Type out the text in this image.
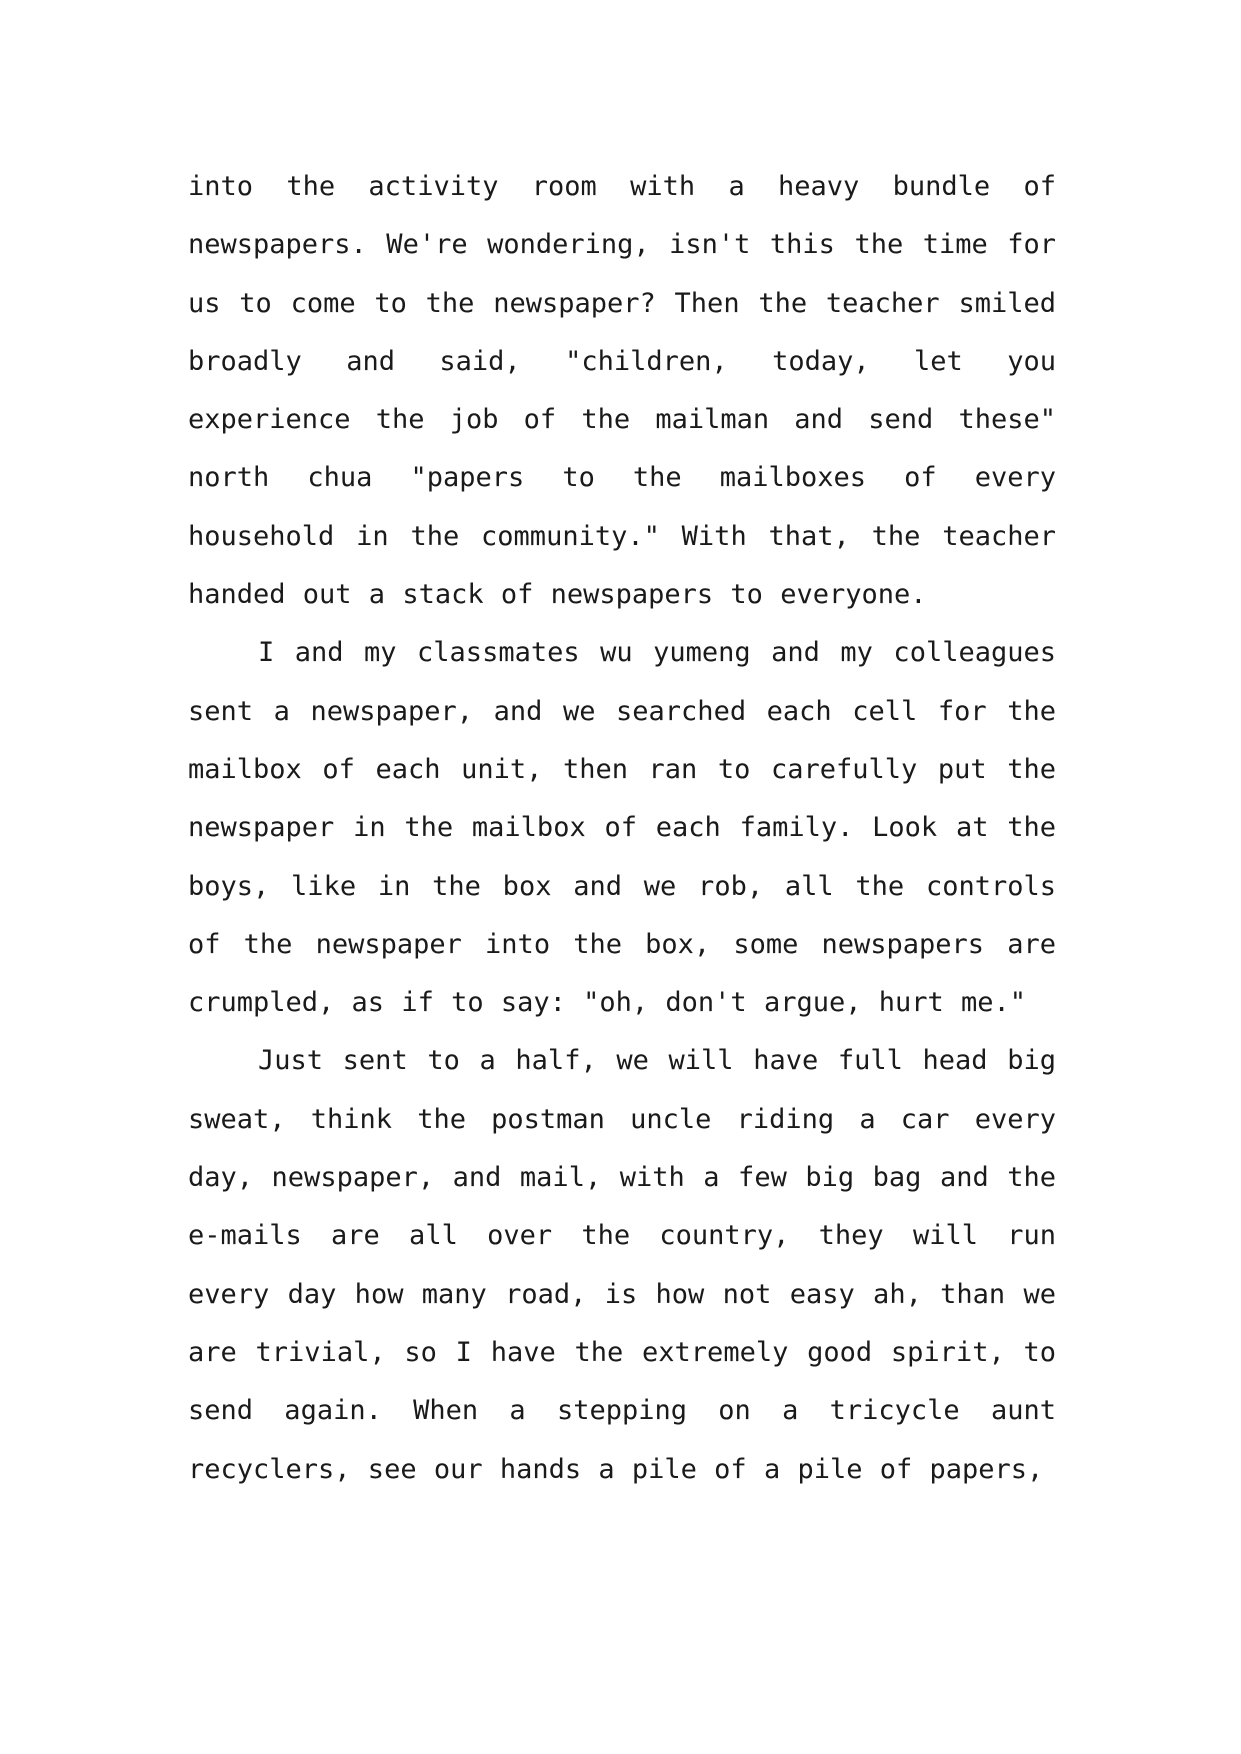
into the activity room with a heavy bundle of newspapers. We're wondering, isn't this the time for us to come to the newspaper? Then the teacher smiled broadly and said, "children, today, let you experience the job of the mailman and send these" north chua "papers to the mailboxes of every household in the community." With that, the teacher handed out a stack of newspapers to everyone.

I and my classmates wu yumeng and my colleagues sent a newspaper, and we searched each cell for the mailbox of each unit, then ran to carefully put the newspaper in the mailbox of each family. Look at the boys, like in the box and we rob, all the controls of the newspaper into the box, some newspapers are crumpled, as if to say: "oh, don't argue, hurt me."

Just sent to a half, we will have full head big sweat, think the postman uncle riding a car every day, newspaper, and mail, with a few big bag and the e-mails are all over the country, they will run every day how many road, is how not easy ah, than we are trivial, so I have the extremely good spirit, to send again. When a stepping on a tricycle aunt recyclers, see our hands a pile of a pile of papers,
